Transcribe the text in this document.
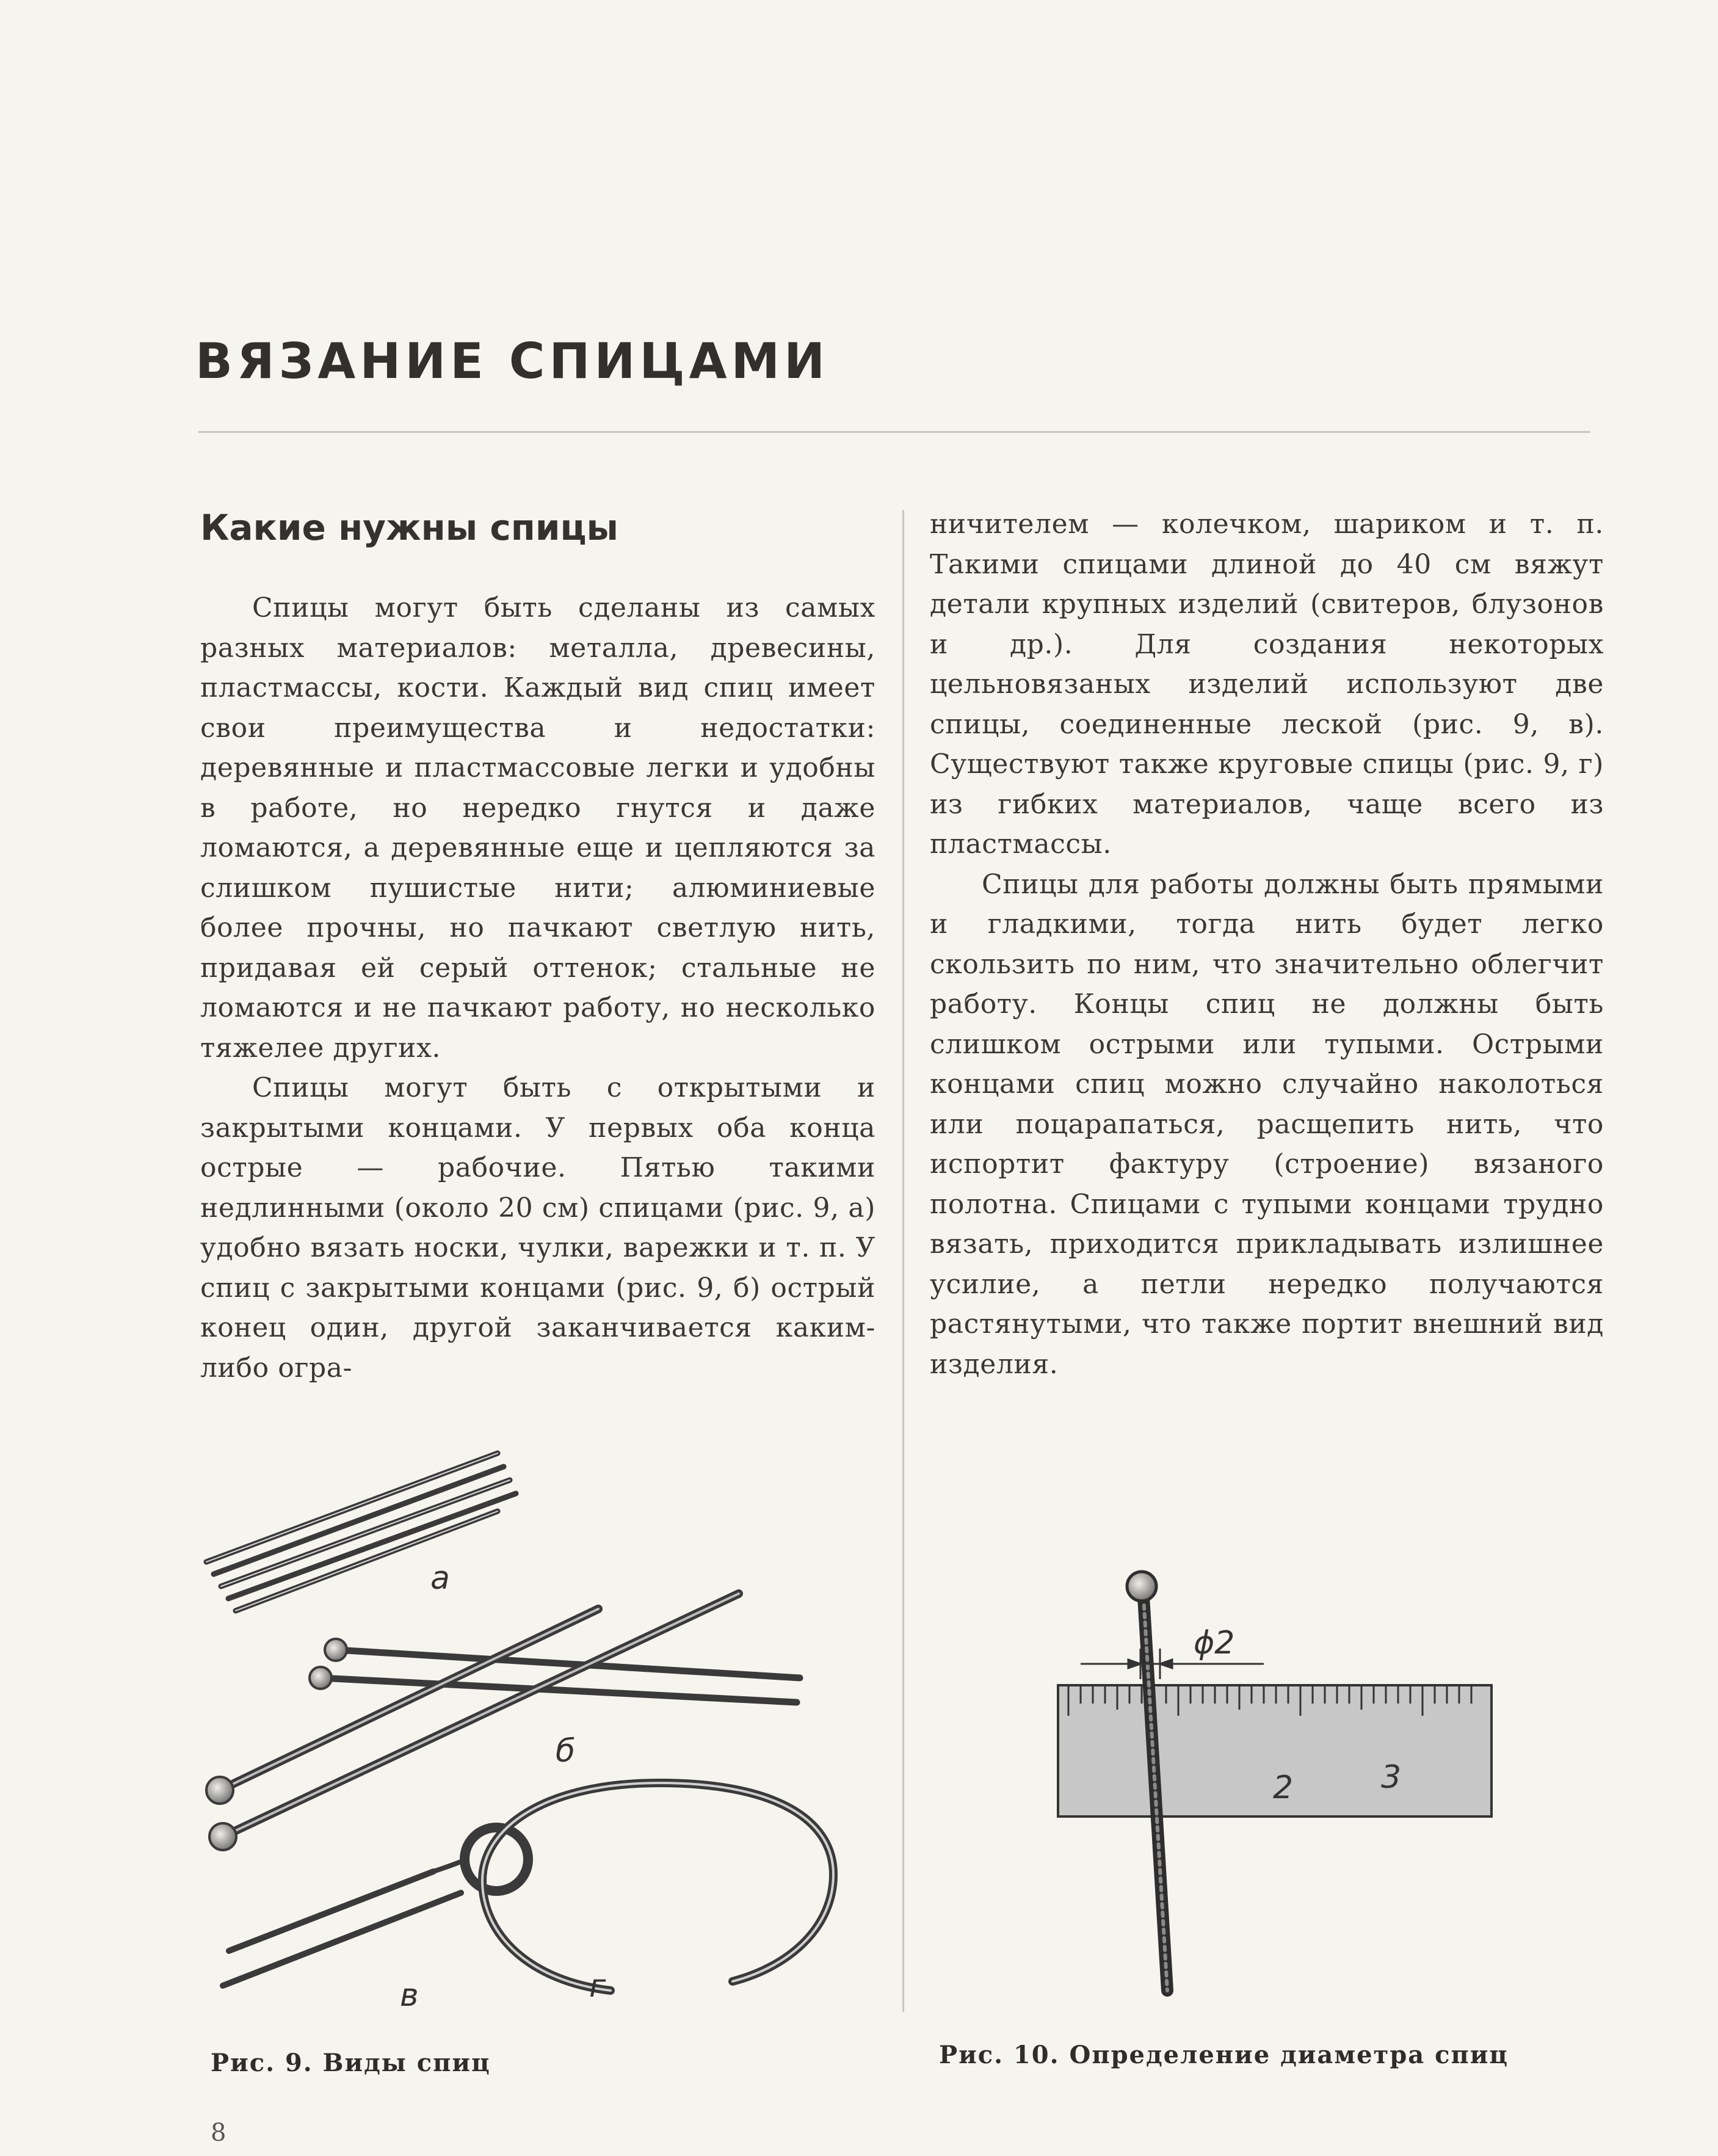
ВЯЗАНИЕ СПИЦАМИ
Какие нужны спицы

Спицы могут быть сделаны из самых разных материалов: металла, древесины, пластмассы, кости. Каждый вид спиц имеет свои преимущества и недостатки: деревянные и пластмассовые легки и удобны в работе, но нередко гнутся и даже ломаются, а деревянные еще и цепляются за слишком пушистые нити; алюминиевые более прочны, но пачкают светлую нить, придавая ей серый оттенок; стальные не ломаются и не пачкают работу, но несколько тяжелее других.

Спицы могут быть с открытыми и закрытыми концами. У первых оба конца острые — рабочие. Пятью такими недлинными (около 20 см) спицами (рис. 9, а) удобно вязать носки, чулки, варежки и т. п. У спиц с закрытыми концами (рис. 9, б) острый конец один, другой заканчивается каким-либо огра-

ничителем — колечком, шариком и т. п. Такими спицами длиной до 40 см вяжут детали крупных изделий (свитеров, блузонов и др.). Для создания некоторых цельновязаных изделий используют две спицы, соединенные леской (рис. 9, в). Существуют также круговые спицы (рис. 9, г) из гибких материалов, чаще всего из пластмассы.

Спицы для работы должны быть прямыми и гладкими, тогда нить будет легко скользить по ним, что значительно облегчит работу. Концы спиц не должны быть слишком острыми или тупыми. Острыми концами спиц можно случайно наколоться или поцарапаться, расщепить нить, что испортит фактуру (строение) вязаного полотна. Спицами с тупыми концами трудно вязать, приходится прикладывать излишнее усилие, а петли нередко получаются растянутыми, что также портит внешний вид изделия.

а
б
в	г
2	3
ϕ2
Рис. 9. Виды спиц	Рис. 10. Определение диаметра спиц
8
